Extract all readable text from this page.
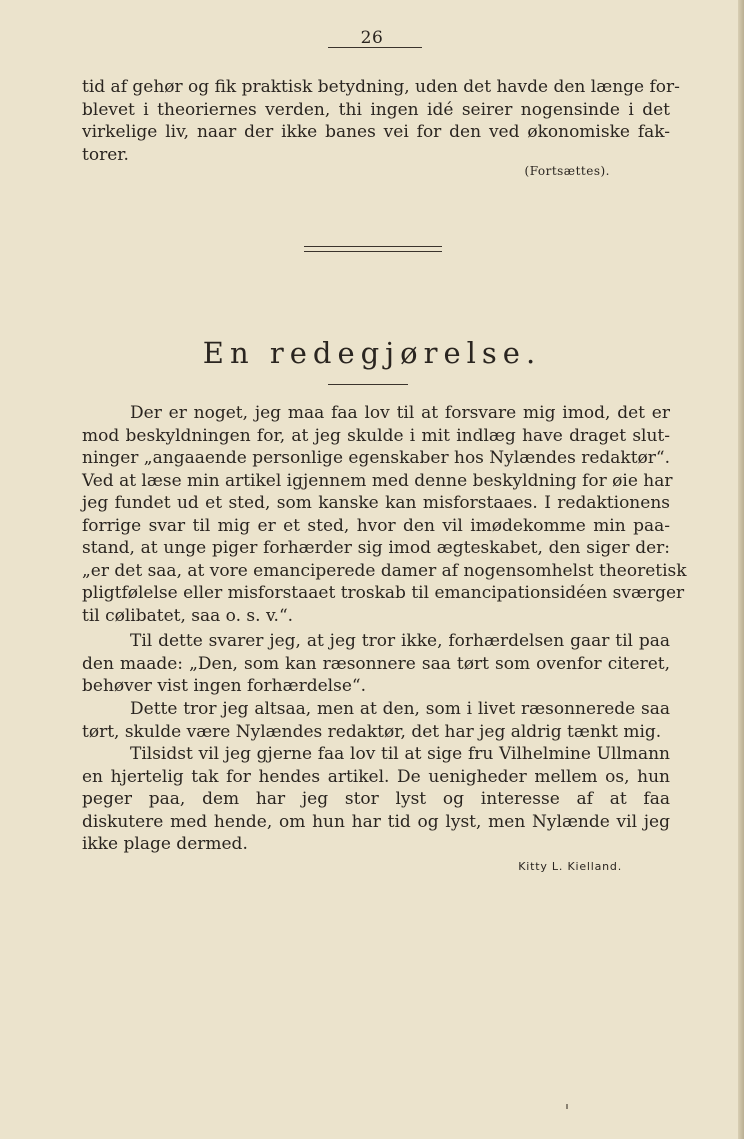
26

tid af gehør og fik praktisk betydning, uden det havde den længe for-
blevet i theoriernes verden, thi ingen idé seirer nogensinde i det
virkelige liv, naar der ikke banes vei for den ved økonomiske fak-
torer.

(Fortsættes).
En redegjørelse.

Der er noget, jeg maa faa lov til at forsvare mig imod, det er
mod beskyldningen for, at jeg skulde i mit indlæg have draget slut-
ninger „angaaende personlige egenskaber hos Nylændes redaktør“.
Ved at læse min artikel igjennem med denne beskyldning for øie har
jeg fundet ud et sted, som kanske kan misforstaaes. I redaktionens
forrige svar til mig er et sted, hvor den vil imødekomme min paa-
stand, at unge piger forhærder sig imod ægteskabet, den siger der:
„er det saa, at vore emanciperede damer af nogensomhelst theoretisk
pligtfølelse eller misforstaaet troskab til emancipationsidéen sværger
til cølibatet, saa o. s. v.“.

Til dette svarer jeg, at jeg tror ikke, forhærdelsen gaar til paa
den maade: „Den, som kan ræsonnere saa tørt som ovenfor citeret,
behøver vist ingen forhærdelse“.

Dette tror jeg altsaa, men at den, som i livet ræsonnerede saa
tørt, skulde være Nylændes redaktør, det har jeg aldrig tænkt mig.

Tilsidst vil jeg gjerne faa lov til at sige fru Vilhelmine Ullmann
en hjertelig tak for hendes artikel. De uenigheder mellem os, hun
peger paa, dem har jeg stor lyst og interesse af at faa
diskutere med hende, om hun har tid og lyst, men Nylænde vil jeg
ikke plage dermed.

Kitty L. Kielland.
